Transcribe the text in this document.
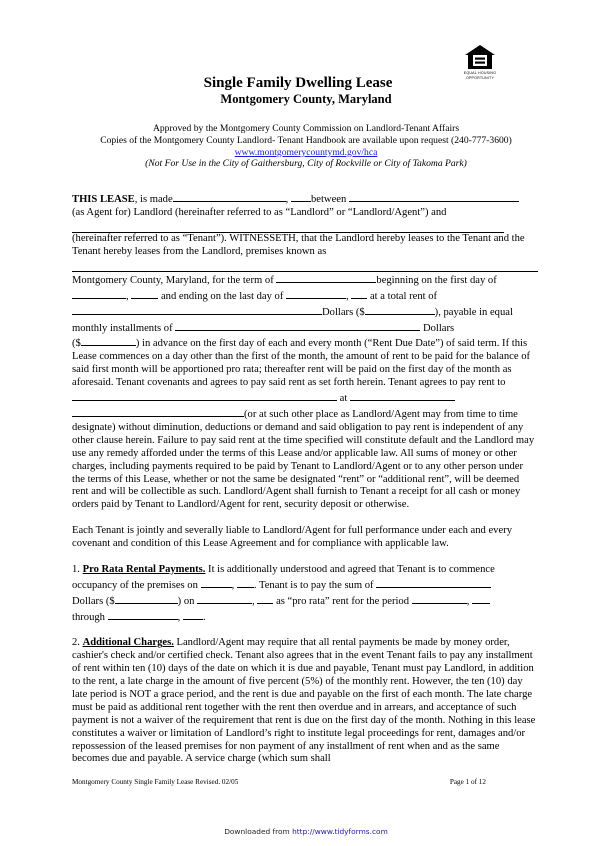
EQUAL HOUSING
OPPORTUNITY
Single Family Dwelling Lease
Montgomery County, Maryland
Approved by the Montgomery County Commission on Landlord-Tenant Affairs
Copies of the Montgomery County Landlord- Tenant Handbook are available upon request (240-777-3600)
www.montgomerycountymd.gov/hca
(Not For Use in the City of Gaithersburg, City of Rockville or City of Takoma Park)

THIS LEASE, is made	, between
(as Agent for) Landlord (hereinafter referred to as “Landlord” or “Landlord/Agent”) and

(hereinafter referred to as “Tenant”). WITNESSETH, that the Landlord hereby leases to the Tenant and the Tenant hereby leases from the Landlord, premises known as

Montgomery County, Maryland, for the term of	beginning on the first day of
,	and ending on the last day of	, at a total rent of
Dollars ($	), payable in equal
monthly installments of	Dollars
($	) in advance on the first day of each and every month (“Rent Due Date”) of said term. If this Lease commences on a day other than the first of the month, the amount of rent to be paid for the balance of said first month will be apportioned pro rata; thereafter rent will be paid on the first day of the month as aforesaid. Tenant covenants and agrees to pay said rent as set forth herein. Tenant agrees to pay rent to  at
(or at such other place as Landlord/Agent may from time to time designate) without diminution, deductions or demand and said obligation to pay rent is independent of any other clause herein. Failure to pay said rent at the time specified will constitute default and the Landlord may use any remedy afforded under the terms of this Lease and/or applicable law. All sums of money or other charges, including payments required to be paid by Tenant to Landlord/Agent or to any other person under the terms of this Lease, whether or not the same be designated “rent” or “additional rent”, will be deemed rent and will be collectible as such. Landlord/Agent shall furnish to Tenant a receipt for all cash or money orders paid by Tenant to Landlord/Agent for rent, security deposit or otherwise.

Each Tenant is jointly and severally liable to Landlord/Agent for full performance under each and every covenant and condition of this Lease Agreement and for compliance with applicable law.

1. Pro Rata Rental Payments. It is additionally understood and agreed that Tenant is to commence occupancy of the premises on	, . Tenant is to pay the sum of
Dollars ($	) on	, as “pro rata” rent for the period	,
through	, .

2. Additional Charges. Landlord/Agent may require that all rental payments be made by money order, cashier's check and/or certified check. Tenant also agrees that in the event Tenant fails to pay any installment of rent within ten (10) days of the date on which it is due and payable, Tenant must pay Landlord, in addition to the rent, a late charge in the amount of five percent (5%) of the monthly rent. However, the ten (10) day late period is NOT a grace period, and the rent is due and payable on the first of each month. The late charge must be paid as additional rent together with the rent then overdue and in arrears, and acceptance of such payment is not a waiver of the requirement that rent is due on the first day of the month. Nothing in this lease constitutes a waiver or limitation of Landlord’s right to institute legal proceedings for rent, damages and/or repossession of the leased premises for non payment of any installment of rent when and as the same becomes due and payable. A service charge (which sum shall

Montgomery County Single Family Lease Revised. 02/05	Page 1 of 12
Downloaded from http://www.tidyforms.com
